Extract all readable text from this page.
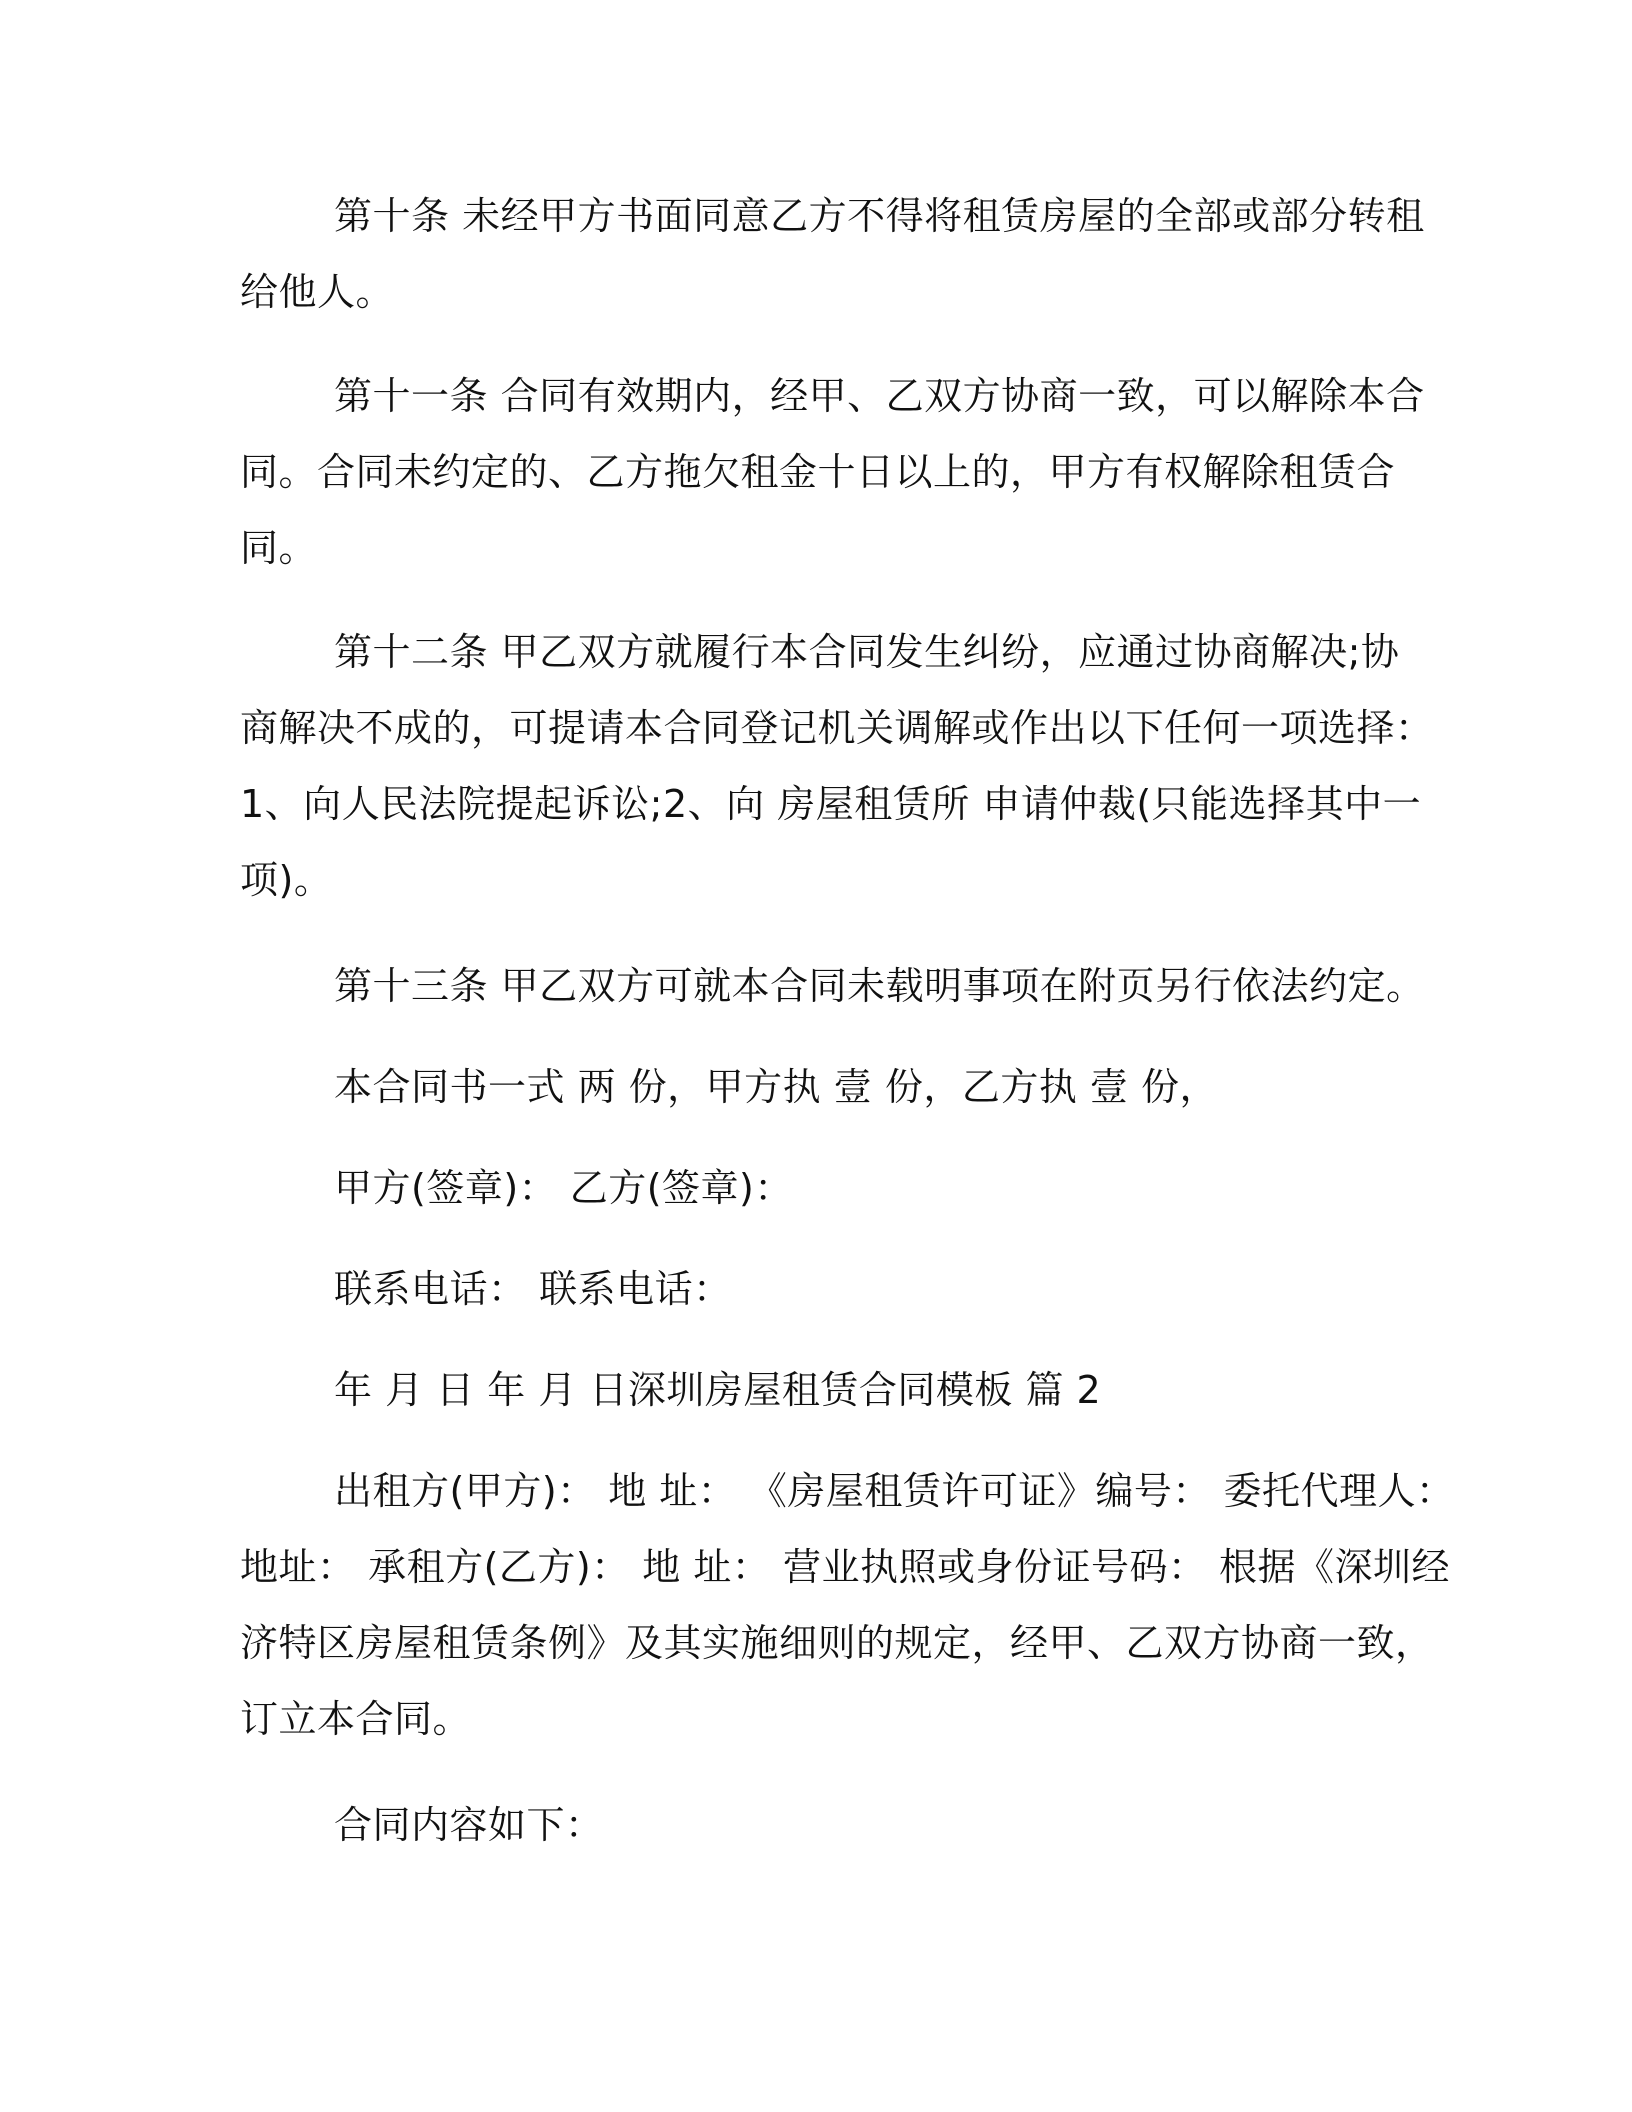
第十条 未经甲方书面同意乙方不得将租赁房屋的全部或部分转租
给他人。
第十一条 合同有效期内，经甲、乙双方协商一致，可以解除本合
同。合同未约定的、乙方拖欠租金十日以上的，甲方有权解除租赁合
同。
第十二条 甲乙双方就履行本合同发生纠纷，应通过协商解决;协
商解决不成的，可提请本合同登记机关调解或作出以下任何一项选择：
1、向人民法院提起诉讼;2、向 房屋租赁所 申请仲裁(只能选择其中一
项)。
第十三条 甲乙双方可就本合同未载明事项在附页另行依法约定。
本合同书一式 两 份，甲方执 壹 份，乙方执 壹 份，
甲方(签章)： 乙方(签章)：
联系电话： 联系电话：
年 月 日 年 月 日深圳房屋租赁合同模板 篇 2
出租方(甲方)： 地 址： 《房屋租赁许可证》编号： 委托代理人：
地址： 承租方(乙方)： 地 址： 营业执照或身份证号码： 根据《深圳经
济特区房屋租赁条例》及其实施细则的规定，经甲、乙双方协商一致，
订立本合同。
合同内容如下：
